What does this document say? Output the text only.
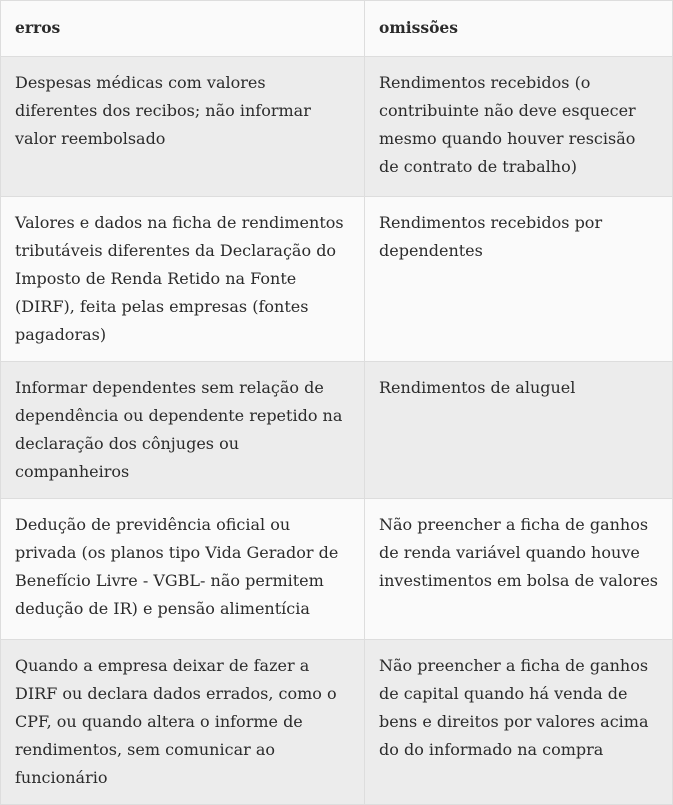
erros	omissões
Despesas médicas com valores diferentes dos recibos; não informar valor reembolsado	Rendimentos recebidos (o contribuinte não deve esquecer mesmo quando houver rescisão de contrato de trabalho)
Valores e dados na ficha de rendimentos tributáveis diferentes da Declaração do Imposto de Renda Retido na Fonte (DIRF), feita pelas empresas (fontes pagadoras)	Rendimentos recebidos por dependentes
Informar dependentes sem relação de dependência ou dependente repetido na declaração dos cônjuges ou companheiros	Rendimentos de aluguel
Dedução de previdência oficial ou privada (os planos tipo Vida Gerador de Benefício Livre - VGBL- não permitem dedução de IR) e pensão alimentícia	Não preencher a ficha de ganhos de renda variável quando houve investimentos em bolsa de valores
Quando a empresa deixar de fazer a DIRF ou declara dados errados, como o CPF, ou quando altera o informe de rendimentos, sem comunicar ao funcionário	Não preencher a ficha de ganhos de capital quando há venda de bens e direitos por valores acima do do informado na compra
